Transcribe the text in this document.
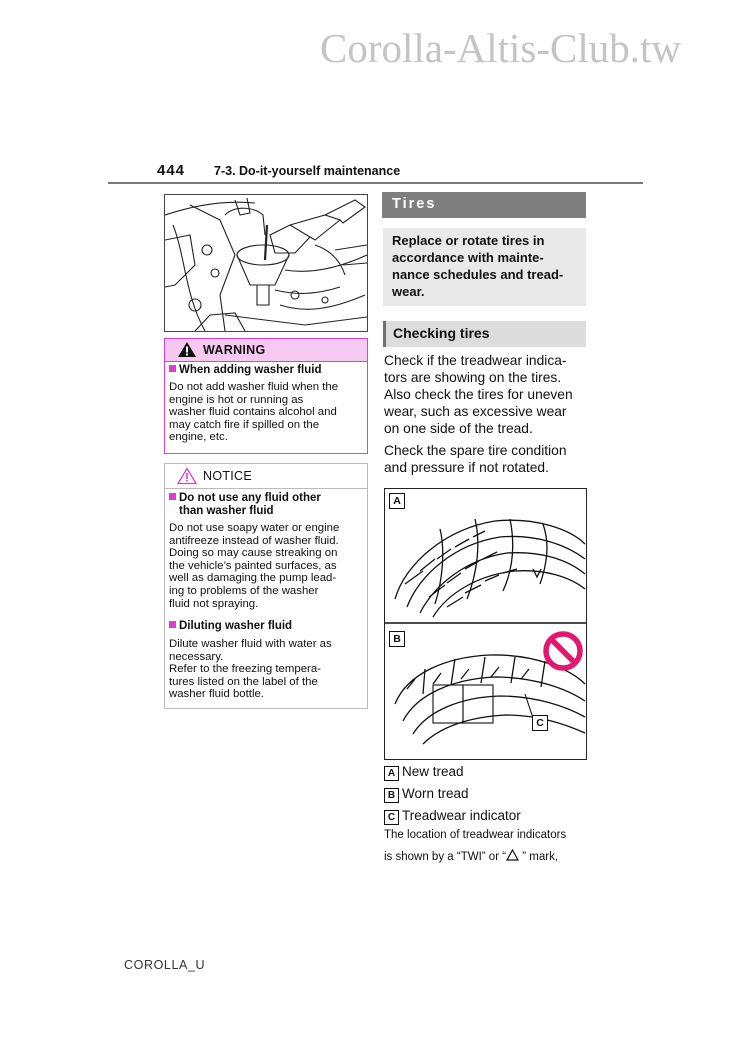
Corolla-Altis-Club.tw
444 7-3. Do-it-yourself maintenance
WARNING
When adding washer fluid
Do not add washer fluid when the
engine is hot or running as
washer fluid contains alcohol and
may catch fire if spilled on the
engine, etc.
NOTICE
Do not use any fluid other
than washer fluid
Do not use soapy water or engine
antifreeze instead of washer fluid.
Doing so may cause streaking on
the vehicle’s painted surfaces, as
well as damaging the pump lead-
ing to problems of the washer
fluid not spraying.
Diluting washer fluid
Dilute washer fluid with water as
necessary.
Refer to the freezing tempera-
tures listed on the label of the
washer fluid bottle.
Tires
Replace or rotate tires in
accordance with mainte-
nance schedules and tread-
wear.
Checking tires
Check if the treadwear indica-
tors are showing on the tires.
Also check the tires for uneven
wear, such as excessive wear
on one side of the tread.
Check the spare tire condition
and pressure if not rotated.
A
B
C
A New tread
B Worn tread
C Treadwear indicator
The location of treadwear indicators
is shown by a “TWI” or “ ” mark,
COROLLA_U
